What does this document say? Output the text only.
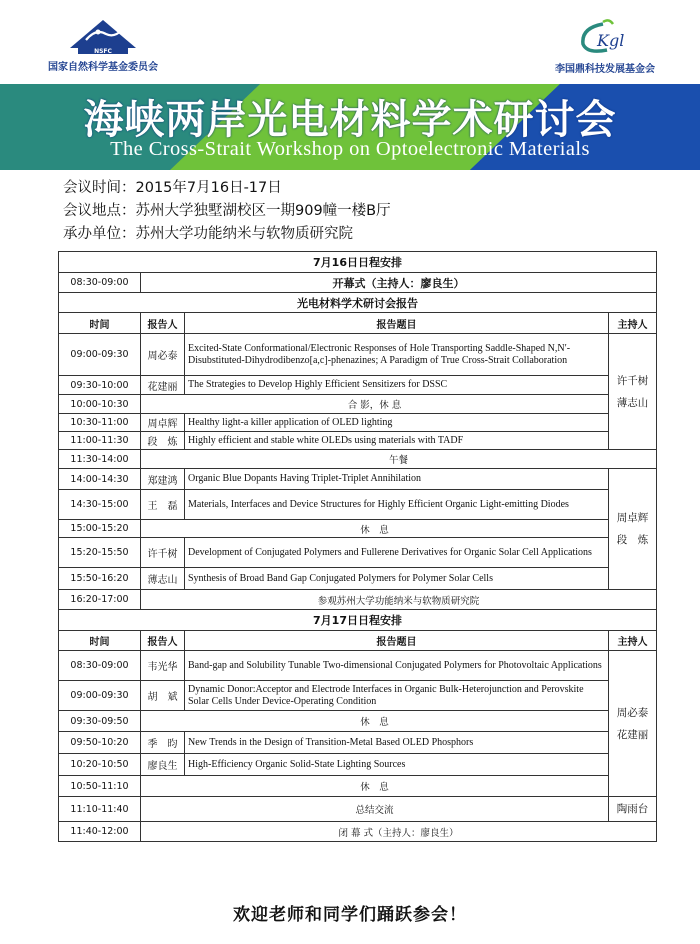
NSFC
国家自然科学基金委员会
Kgl
李国鼎科技发展基金会
海峡两岸光电材料学术研讨会
The Cross-Strait Workshop on Optoelectronic Materials
会议时间：2015年7月16日-17日
会议地点：苏州大学独墅湖校区一期909幢一楼B厅
承办单位：苏州大学功能纳米与软物质研究院
7月16日日程安排			
08:30-09:00	开幕式（主持人：廖良生）		
光电材料学术研讨会报告			
时间	报告人	报告题目	主持人
09:00-09:30	周必泰	Excited-State Conformational/Electronic Responses of Hole Transporting Saddle-Shaped N,N′-Disubstituted-Dihydrodibenzo[a,c]-phenazines; A Paradigm of True Cross-Strait Collaboration	许千树
薄志山

09:30-10:00	花建丽	The Strategies to Develop Highly Efficient Sensitizers for DSSC	
10:00-10:30	合 影，休 息		
10:30-11:00	周卓辉	Healthy light-a killer application of OLED lighting	
11:00-11:30	段　炼	Highly efficient and stable white OLEDs using materials with TADF	
11:30-14:00	午餐		
14:00-14:30	郑建鸿	Organic Blue Dopants Having Triplet-Triplet Annihilation	周卓辉
段　炼

14:30-15:00	王　磊	Materials, Interfaces and Device Structures for Highly Efficient Organic Light-emitting Diodes	
15:00-15:20	休　息		
15:20-15:50	许千树	Development of Conjugated Polymers and Fullerene Derivatives for Organic Solar Cell Applications	
15:50-16:20	薄志山	Synthesis of Broad Band Gap Conjugated Polymers for Polymer Solar Cells	
16:20-17:00	参观苏州大学功能纳米与软物质研究院		
7月17日日程安排			
时间	报告人	报告题目	主持人
08:30-09:00	韦光华	Band-gap and Solubility Tunable Two-dimensional Conjugated Polymers for Photovoltaic Applications	周必泰
花建丽

09:00-09:30	胡　斌	Dynamic Donor:Acceptor and Electrode Interfaces in Organic Bulk-Heterojunction and Perovskite Solar Cells Under Device-Operating Condition	
09:30-09:50	休　息		
09:50-10:20	季　昀	New Trends in the Design of Transition-Metal Based OLED Phosphors	
10:20-10:50	廖良生	High-Efficiency Organic Solid-State Lighting Sources	
10:50-11:10	休　息		
11:10-11:40	总结交流		陶雨台
11:40-12:00	闭 幕 式（主持人：廖良生）		
欢迎老师和同学们踊跃参会！
